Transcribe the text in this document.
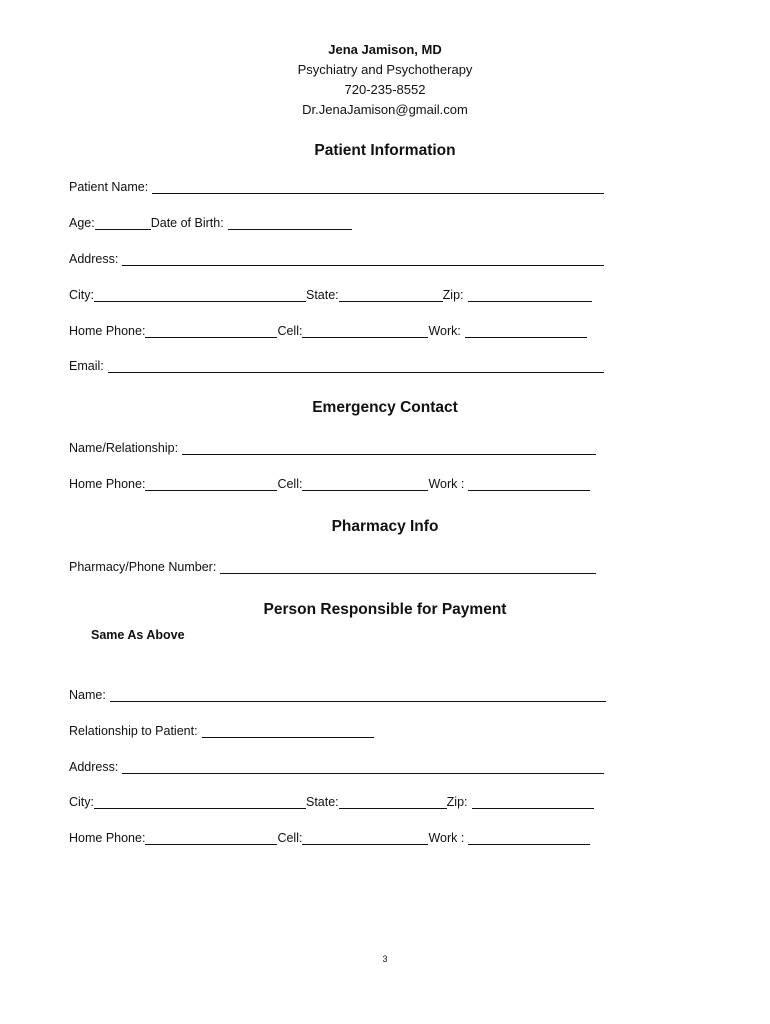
Jena Jamison, MD
Psychiatry and Psychotherapy
720-235-8552
Dr.JenaJamison@gmail.com
Patient Information
Patient Name:
Age:	Date of Birth:
Address:
City:	State:	Zip:
Home Phone:	Cell:	Work:
Email:
Emergency Contact
Name/Relationship:
Home Phone:	Cell:	Work :
Pharmacy Info
Pharmacy/Phone Number:
Person Responsible for Payment
Same As Above
Name:
Relationship to Patient:
Address:
City:	State:	Zip:
Home Phone:	Cell:	Work :
3
